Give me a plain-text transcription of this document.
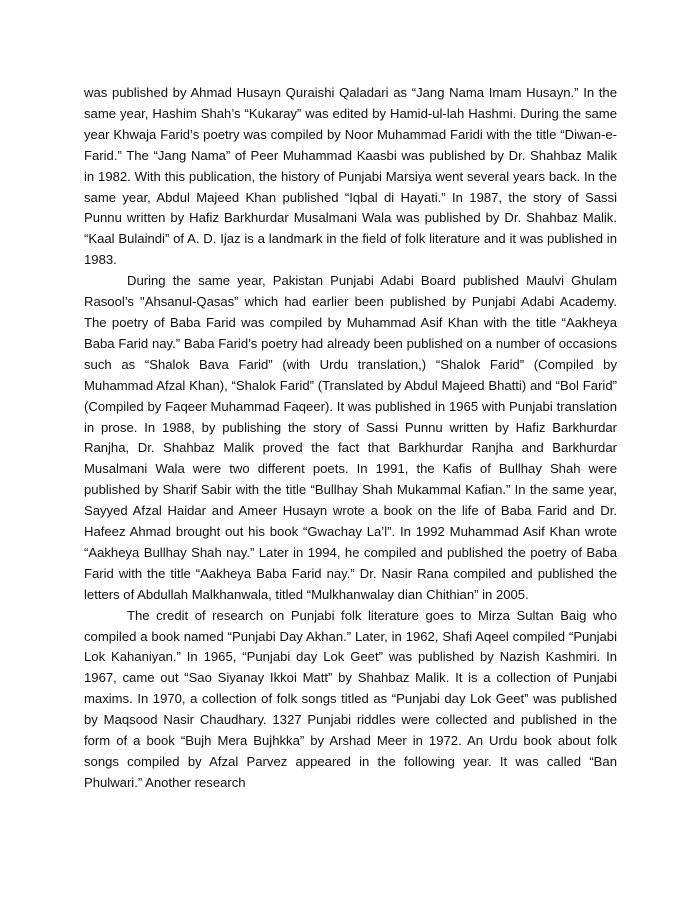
was published by Ahmad Husayn Quraishi Qaladari as “Jang Nama Imam Husayn.” In the same year, Hashim Shah’s “Kukaray” was edited by Hamid-ul-lah Hashmi. During the same year Khwaja Farid’s poetry was compiled by Noor Muhammad Faridi with the title “Diwan-e-Farid.” The “Jang Nama” of Peer Muhammad Kaasbi was published by Dr. Shahbaz Malik in 1982. With this publication, the history of Punjabi Marsiya went several years back. In the same year, Abdul Majeed Khan published “Iqbal di Hayati.” In 1987, the story of Sassi Punnu written by Hafiz Barkhurdar Musalmani Wala was published by Dr. Shahbaz Malik. “Kaal Bulaindi” of A. D. Ijaz is a landmark in the field of folk literature and it was published in 1983.

During the same year, Pakistan Punjabi Adabi Board published Maulvi Ghulam Rasool’s "Ahsanul-Qasas” which had earlier been published by Punjabi Adabi Academy. The poetry of Baba Farid was compiled by Muhammad Asif Khan with the title “Aakheya Baba Farid nay.” Baba Farid’s poetry had already been published on a number of occasions such as “Shalok Bava Farid” (with Urdu translation,) “Shalok Farid” (Compiled by Muhammad Afzal Khan), “Shalok Farid” (Translated by Abdul Majeed Bhatti) and “Bol Farid” (Compiled by Faqeer Muhammad Faqeer). It was published in 1965 with Punjabi translation in prose. In 1988, by publishing the story of Sassi Punnu written by Hafiz Barkhurdar Ranjha, Dr. Shahbaz Malik proved the fact that Barkhurdar Ranjha and Barkhurdar Musalmani Wala were two different poets. In 1991, the Kafis of Bullhay Shah were published by Sharif Sabir with the title “Bullhay Shah Mukammal Kafian.” In the same year, Sayyed Afzal Haidar and Ameer Husayn wrote a book on the life of Baba Farid and Dr. Hafeez Ahmad brought out his book “Gwachay La’l”. In 1992 Muhammad Asif Khan wrote “Aakheya Bullhay Shah nay.” Later in 1994, he compiled and published the poetry of Baba Farid with the title “Aakheya Baba Farid nay.” Dr. Nasir Rana compiled and published the letters of Abdullah Malkhanwala, titled “Mulkhanwalay dian Chithian” in 2005.

The credit of research on Punjabi folk literature goes to Mirza Sultan Baig who compiled a book named “Punjabi Day Akhan.” Later, in 1962, Shafi Aqeel compiled “Punjabi Lok Kahaniyan.” In 1965, “Punjabi day Lok Geet” was published by Nazish Kashmiri. In 1967, came out “Sao Siyanay Ikkoi Matt” by Shahbaz Malik. It is a collection of Punjabi maxims. In 1970, a collection of folk songs titled as “Punjabi day Lok Geet” was published by Maqsood Nasir Chaudhary. 1327 Punjabi riddles were collected and published in the form of a book “Bujh Mera Bujhkka” by Arshad Meer in 1972. An Urdu book about folk songs compiled by Afzal Parvez appeared in the following year. It was called “Ban Phulwari.” Another research
